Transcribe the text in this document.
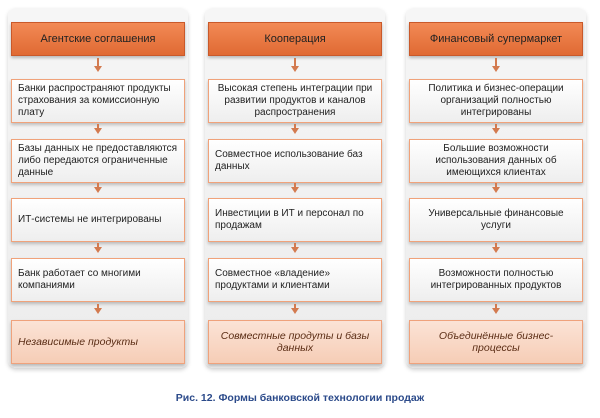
Агентские соглашения
Банки распространяют продукты страхования за комиссионную плату
Базы данных не предоставляются либо передаются ограниченные данные
ИТ-системы не интегрированы
Банк работает со многими компаниями
Независимые продукты
Кооперация
Высокая степень интеграции при развитии продуктов и каналов распространения
Совместное использование баз данных
Инвестиции в ИТ и персонал по продажам
Совместное «владение» продуктами и клиентами
Совместные продуты и базы данных
Финансовый супермаркет
Политика и бизнес-операции организаций полностью интегрированы
Большие возможности использования данных об имеющихся клиентах
Универсальные финансовые услуги
Возможности полностью интегрированных продуктов
Объединённые бизнес-процессы
Рис. 12. Формы банковской технологии продаж
